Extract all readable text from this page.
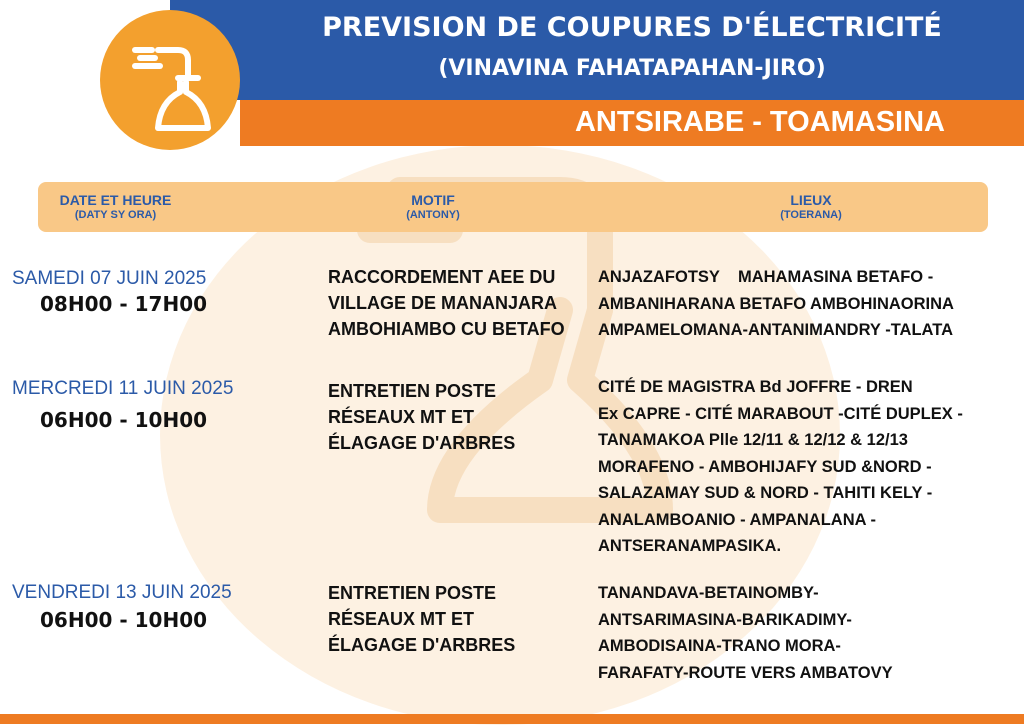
PREVISION DE COUPURES D'ÉLECTRICITÉ
(VINAVINA FAHATAPAHAN-JIRO)
ANTSIRABE - TOAMASINA
DATE ET HEURE
(DATY SY ORA)
MOTIF
(ANTONY)
LIEUX
(TOERANA)
SAMEDI 07 JUIN 2025
08H00 - 17H00
RACCORDEMENT AEE DU
VILLAGE DE MANANJARA
AMBOHIAMBO CU BETAFO
ANJAZAFOTSY    MAHAMASINA BETAFO -
AMBANIHARANA BETAFO AMBOHINAORINA
AMPAMELOMANA-ANTANIMANDRY -TALATA
MERCREDI 11 JUIN 2025
06H00 - 10H00
ENTRETIEN POSTE
RÉSEAUX MT ET
ÉLAGAGE D'ARBRES
CITÉ DE MAGISTRA Bd JOFFRE - DREN
Ex CAPRE - CITÉ MARABOUT -CITÉ DUPLEX -
TANAMAKOA Plle 12/11 & 12/12 & 12/13
MORAFENO - AMBOHIJAFY SUD &NORD -
SALAZAMAY SUD & NORD - TAHITI KELY -
ANALAMBOANIO - AMPANALANA -
ANTSERANAMPASIKA.
VENDREDI 13 JUIN 2025
06H00 - 10H00
ENTRETIEN POSTE
RÉSEAUX MT ET
ÉLAGAGE D'ARBRES
TANANDAVA-BETAINOMBY-
ANTSARIMASINA-BARIKADIMY-
AMBODISAINA-TRANO MORA-
FARAFATY-ROUTE VERS AMBATOVY
